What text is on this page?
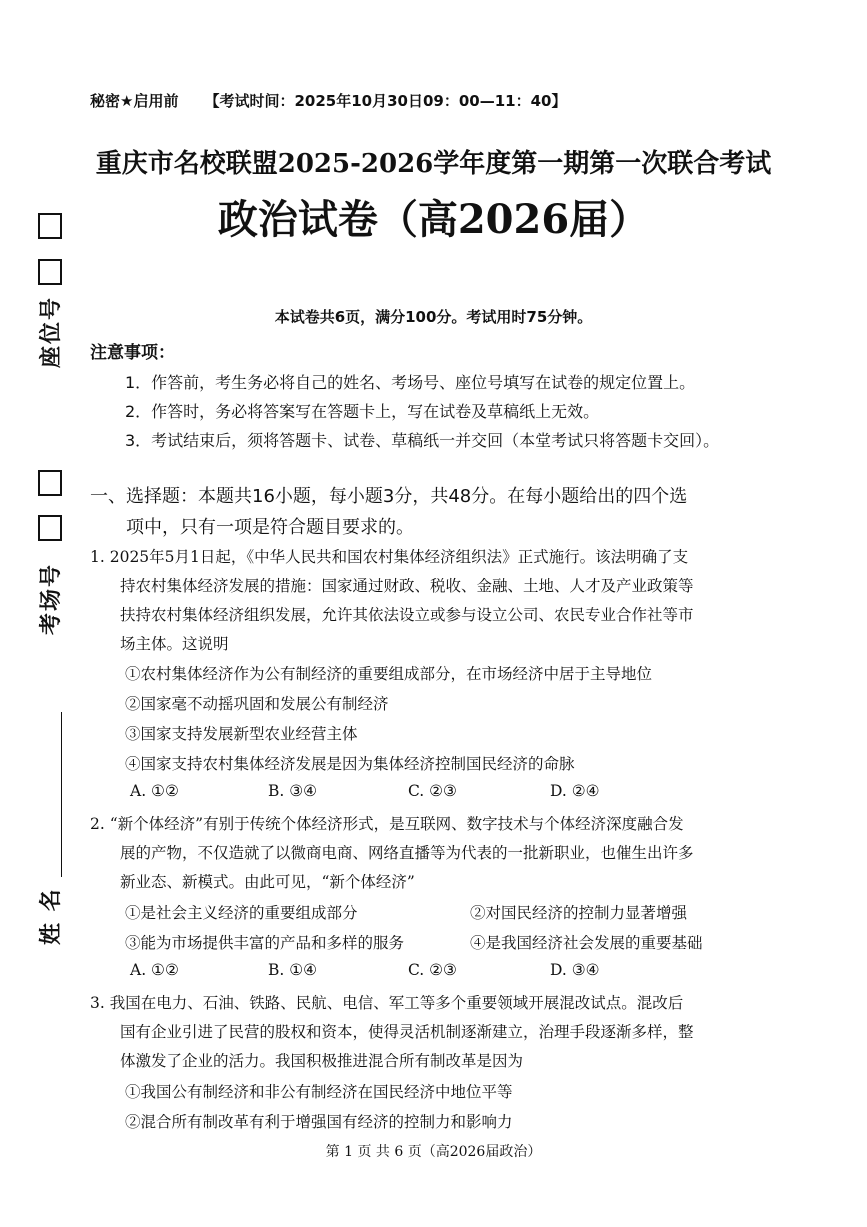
座位号
考场号
姓 名
秘密★启用前 【考试时间：2025年10月30日09：00—11：40】
重庆市名校联盟2025-2026学年度第一期第一次联合考试
政治试卷（高2026届）
本试卷共6页，满分100分。考试用时75分钟。
注意事项：
1．作答前，考生务必将自己的姓名、考场号、座位号填写在试卷的规定位置上。
2．作答时，务必将答案写在答题卡上，写在试卷及草稿纸上无效。
3．考试结束后，须将答题卡、试卷、草稿纸一并交回（本堂考试只将答题卡交回）。
一、选择题：本题共16小题，每小题3分，共48分。在每小题给出的四个选
项中，只有一项是符合题目要求的。
1. 2025年5月1日起，《中华人民共和国农村集体经济组织法》正式施行。该法明确了支
持农村集体经济发展的措施：国家通过财政、税收、金融、土地、人才及产业政策等
扶持农村集体经济组织发展，允许其依法设立或参与设立公司、农民专业合作社等市
场主体。这说明
①农村集体经济作为公有制经济的重要组成部分，在市场经济中居于主导地位
②国家毫不动摇巩固和发展公有制经济
③国家支持发展新型农业经营主体
④国家支持农村集体经济发展是因为集体经济控制国民经济的命脉
A. ①②	B. ③④	C. ②③	D. ②④
2. “新个体经济”有别于传统个体经济形式，是互联网、数字技术与个体经济深度融合发
展的产物，不仅造就了以微商电商、网络直播等为代表的一批新职业，也催生出许多
新业态、新模式。由此可见，“新个体经济”
①是社会主义经济的重要组成部分	②对国民经济的控制力显著增强
③能为市场提供丰富的产品和多样的服务	④是我国经济社会发展的重要基础
A. ①②	B. ①④	C. ②③	D. ③④
3. 我国在电力、石油、铁路、民航、电信、军工等多个重要领域开展混改试点。混改后
国有企业引进了民营的股权和资本，使得灵活机制逐渐建立，治理手段逐渐多样，整
体激发了企业的活力。我国积极推进混合所有制改革是因为
①我国公有制经济和非公有制经济在国民经济中地位平等
②混合所有制改革有利于增强国有经济的控制力和影响力
第 1 页 共 6 页（高2026届政治）
